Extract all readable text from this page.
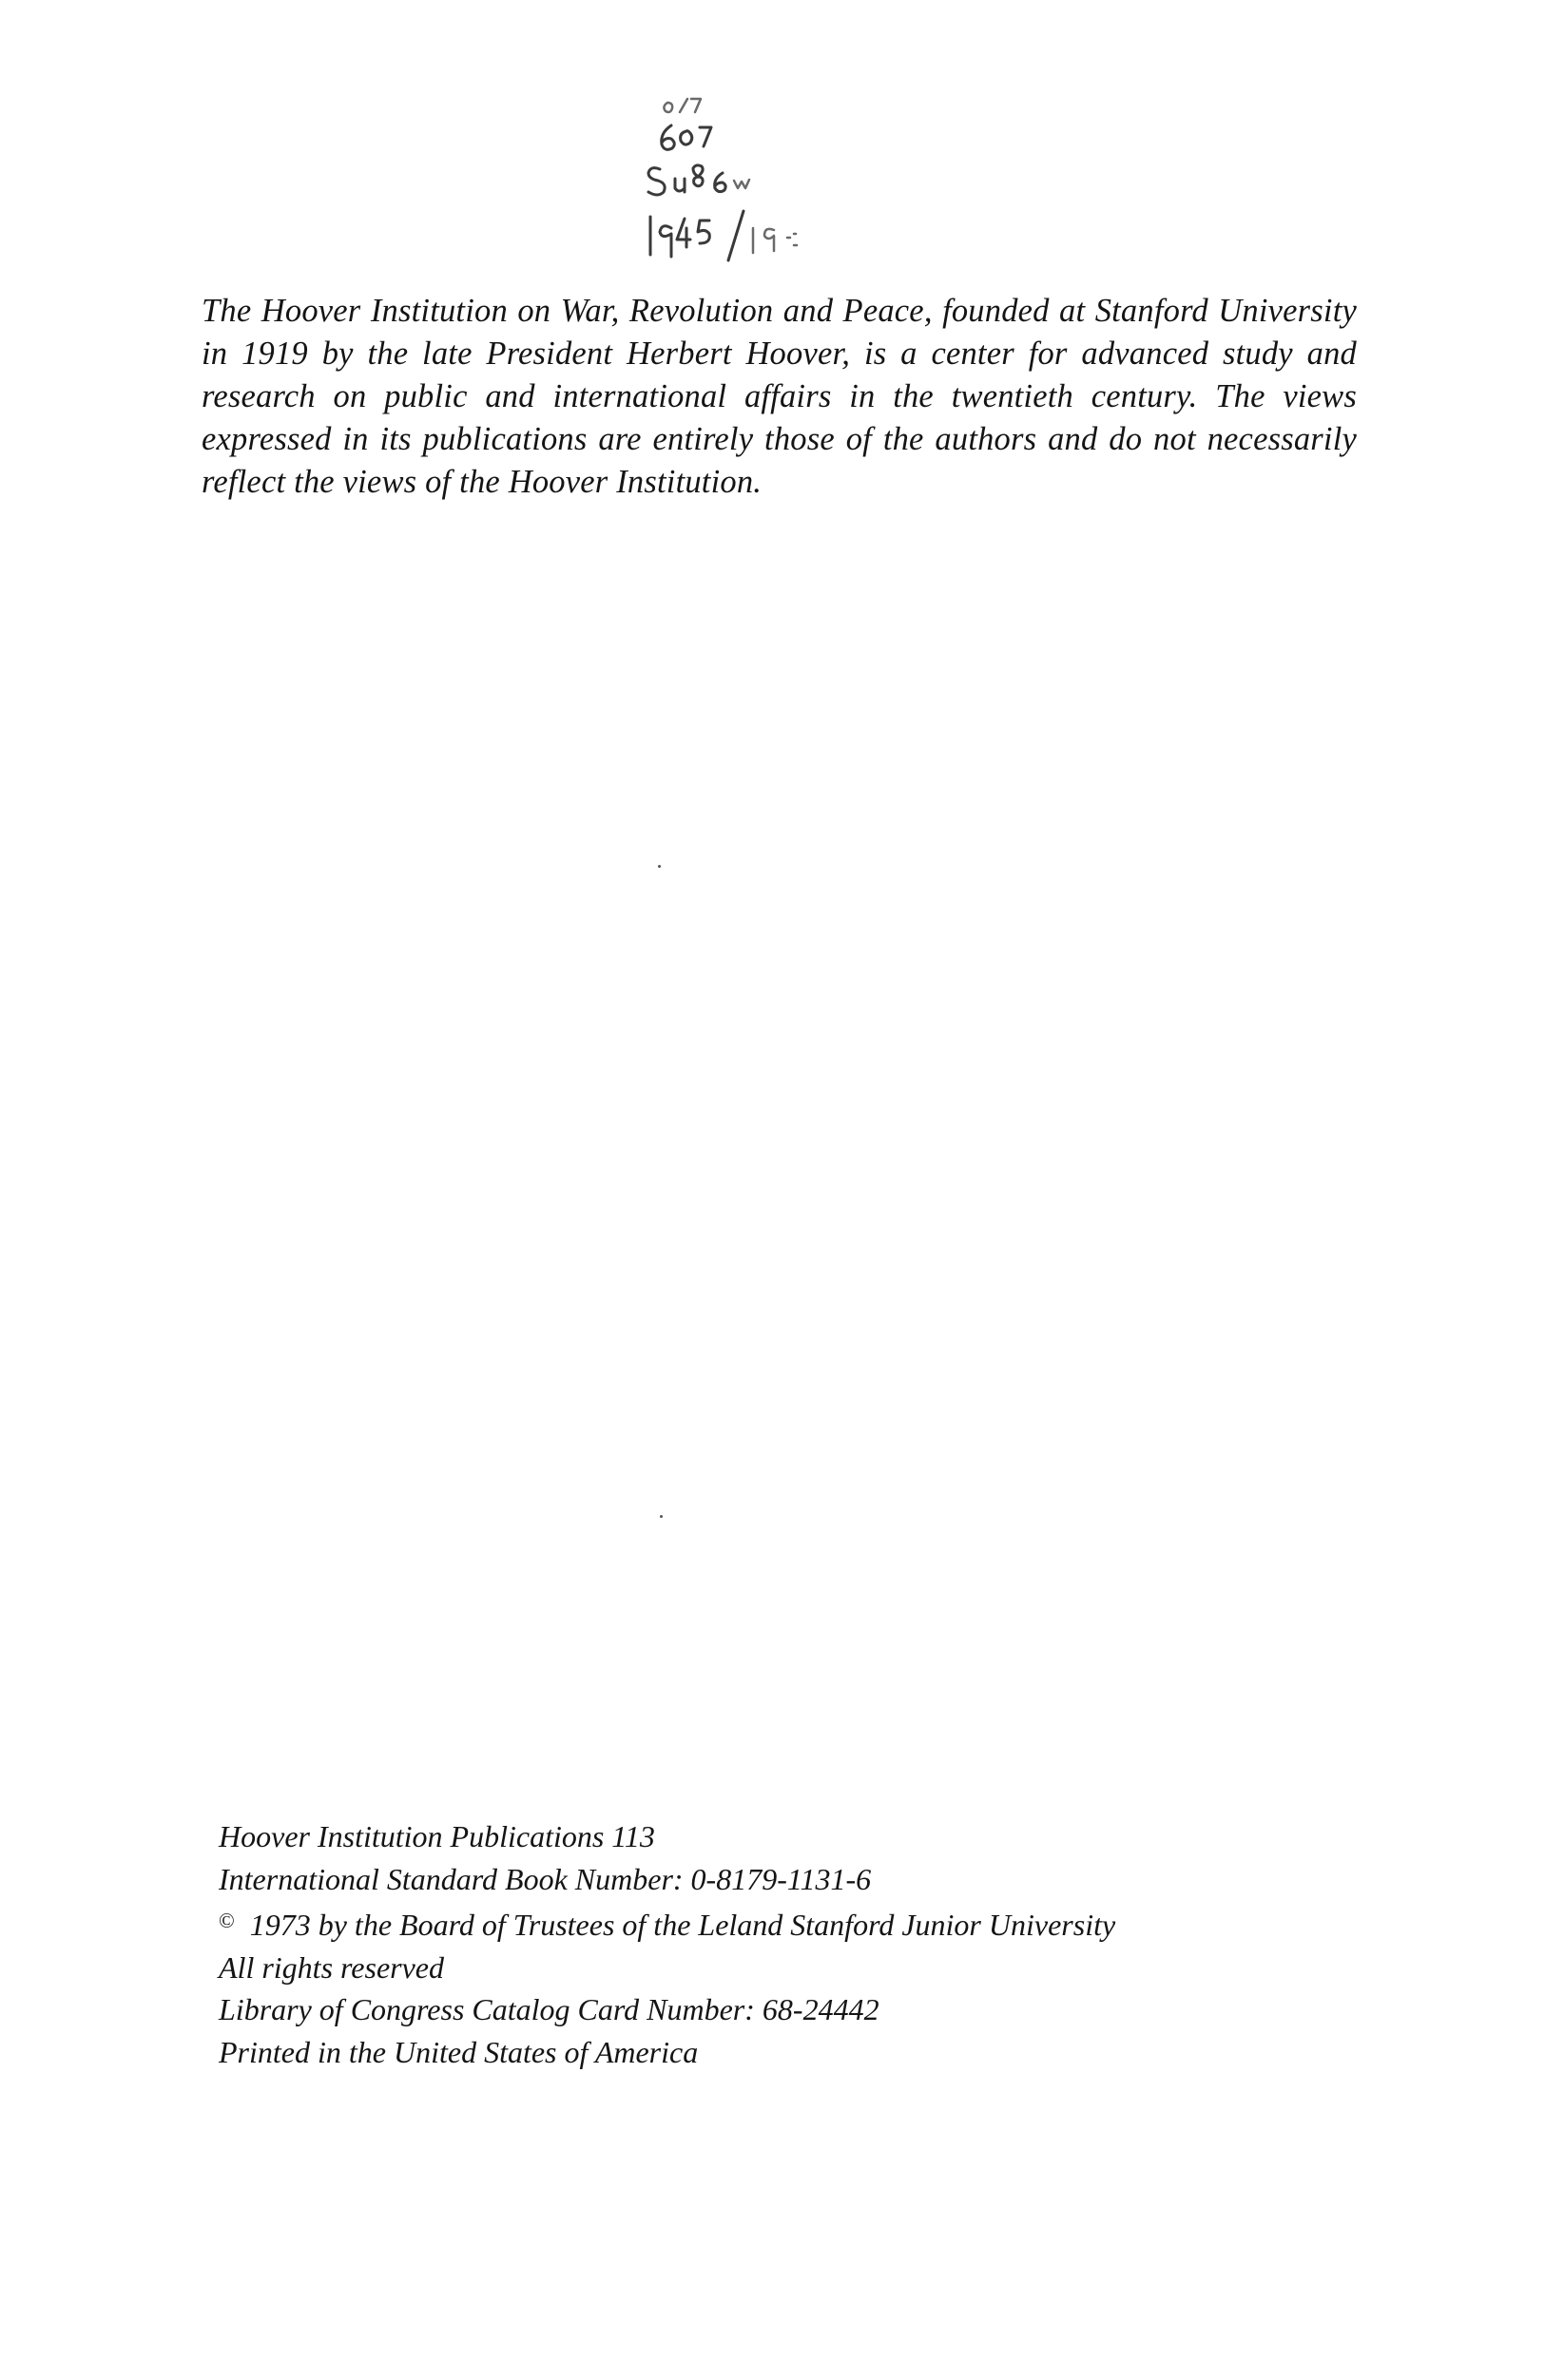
The Hoover Institution on War, Revolution and Peace, founded at Stanford University in 1919 by the late President Herbert Hoover, is a center for advanced study and research on public and international affairs in the twentieth century. The views expressed in its publications are entirely those of the authors and do not necessarily reflect the views of the Hoover Institution.
Hoover Institution Publications 113
International Standard Book Number: 0-8179-1131-6
© 1973 by the Board of Trustees of the Leland Stanford Junior University
All rights reserved
Library of Congress Catalog Card Number: 68-24442
Printed in the United States of America
